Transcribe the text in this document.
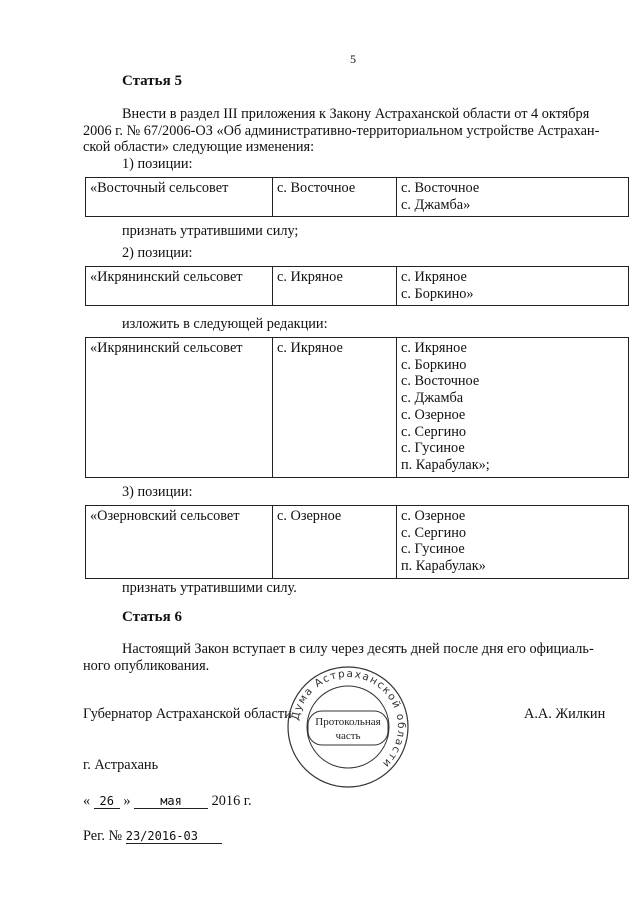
5
Статья 5
Внести в раздел III приложения к Закону Астраханской области от 4 октября
2006 г. № 67/2006-ОЗ «Об административно-территориальном устройстве Астрахан-
ской области» следующие изменения:
1) позиции:
«Восточный сельсовет	с. Восточное	с. Восточное
с. Джамба»
признать утратившими силу;
2) позиции:
«Икрянинский сельсовет	с. Икряное	с. Икряное
с. Боркино»
изложить в следующей редакции:
«Икрянинский сельсовет	с. Икряное	с. Икряное
с. Боркино
с. Восточное
с. Джамба
с. Озерное
с. Сергино
с. Гусиное
п. Карабулак»;
3) позиции:
«Озерновский сельсовет	с. Озерное	с. Озерное
с. Сергино
с. Гусиное
п. Карабулак»
признать утратившими силу.
Статья 6
Настоящий Закон вступает в силу через десять дней после дня его официаль-
ного опубликования.
Губернатор Астраханской области	А.А. Жилкин
г. Астрахань
« 26 » мая 2016 г.
Рег. № 23/2016-03
Дума Астраханской области
Протокольная
часть
